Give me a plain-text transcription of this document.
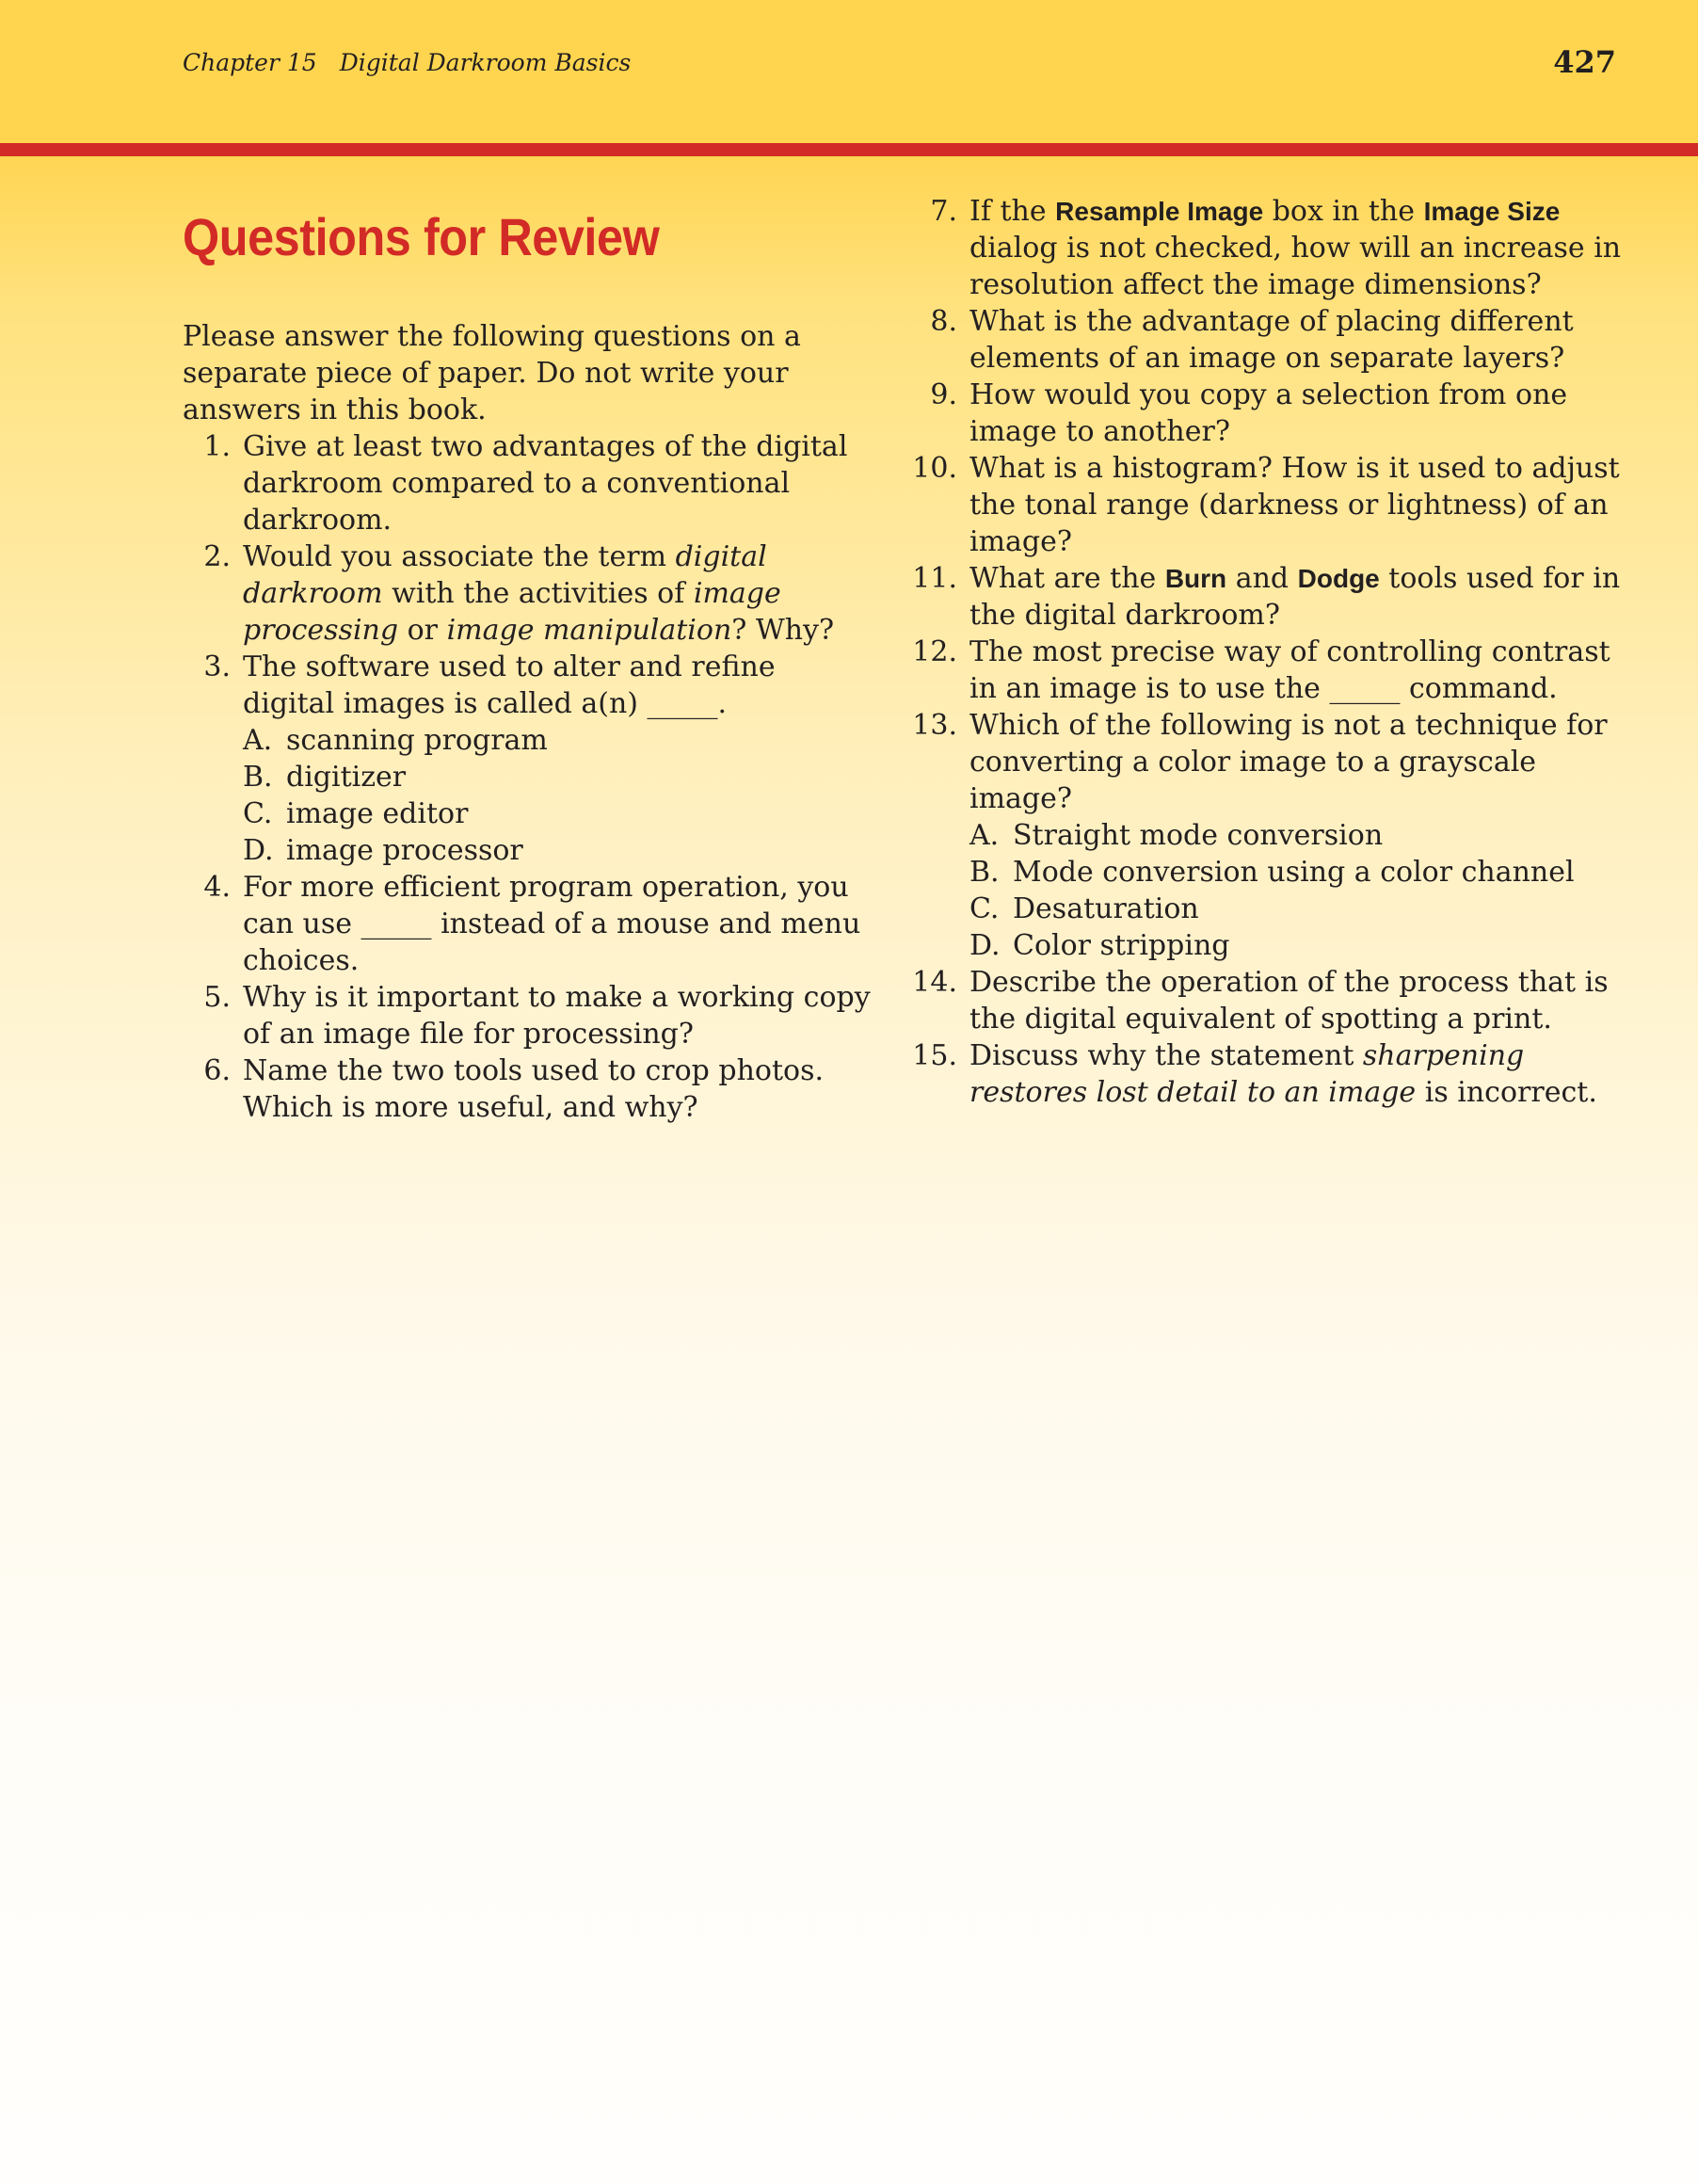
Chapter 15 Digital Darkroom Basics	427
Questions for Review

Please answer the following questions on a separate piece of paper. Do not write your answers in this book.

1. Give at least two advantages of the digital darkroom compared to a conventional darkroom.
2. Would you associate the term digital darkroom with the activities of image processing or image manipulation? Why?
3. The software used to alter and refine digital images is called a(n) _____.
A. scanning program
B. digitizer
C. image editor
D. image processor
4. For more efficient program operation, you can use _____ instead of a mouse and menu choices.
5. Why is it important to make a working copy of an image file for processing?
6. Name the two tools used to crop photos. Which is more useful, and why?
7. If the Resample Image box in the Image Size dialog is not checked, how will an increase in resolution affect the image dimensions?
8. What is the advantage of placing different elements of an image on separate layers?
9. How would you copy a selection from one image to another?
10. What is a histogram? How is it used to adjust the tonal range (darkness or lightness) of an image?
11. What are the Burn and Dodge tools used for in the digital darkroom?
12. The most precise way of controlling contrast in an image is to use the _____ command.
13. Which of the following is not a technique for converting a color image to a grayscale image?
A. Straight mode conversion
B. Mode conversion using a color channel
C. Desaturation
D. Color stripping
14. Describe the operation of the process that is the digital equivalent of spotting a print.
15. Discuss why the statement sharpening restores lost detail to an image is incorrect.
